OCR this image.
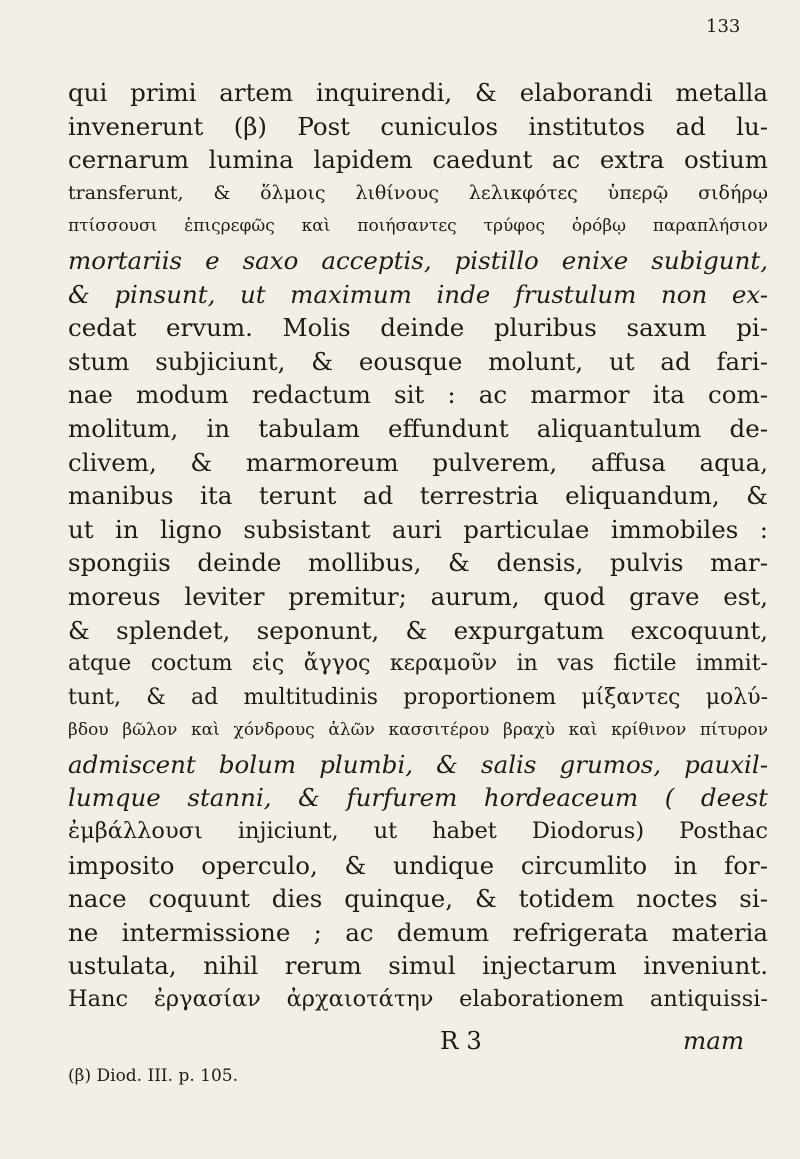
133
qui primi artem inquirendi, & elaborandi metalla
invenerunt (β) Post cuniculos institutos ad lu-
cernarum lumina lapidem caedunt ac extra ostium
transferunt, & ὅλμοις λιθίνους λελικφότες ὑπερῷ σιδήρῳ
πτίσσουσι ἐπιςρεφῶς καὶ ποιήσαντες τρύφος ὀρόβῳ παραπλήσιον
mortariis e saxo acceptis, pistillo enixe subigunt,
& pinsunt, ut maximum inde frustulum non ex-
cedat ervum. Molis deinde pluribus saxum pi-
stum subjiciunt, & eousque molunt, ut ad fari-
nae modum redactum sit : ac marmor ita com-
molitum, in tabulam effundunt aliquantulum de-
clivem, & marmoreum pulverem, affusa aqua,
manibus ita terunt ad terrestria eliquandum, &
ut in ligno subsistant auri particulae immobiles :
spongiis deinde mollibus, & densis, pulvis mar-
moreus leviter premitur; aurum, quod grave est,
& splendet, seponunt, & expurgatum excoquunt,
atque coctum εἰς ἄγγος κεραμοῦν in vas fictile immit-
tunt, & ad multitudinis proportionem μίξαντες μολύ-
βδου βῶλον καὶ χόνδρους ἁλῶν κασσιτέρου βραχὺ καὶ κρίθινον πίτυρον
admiscent bolum plumbi, & salis grumos, pauxil-
lumque stanni, & furfurem hordeaceum ( deest
ἐμβάλλουσι injiciunt, ut habet Diodorus) Posthac
imposito operculo, & undique circumlito in for-
nace coquunt dies quinque, & totidem noctes si-
ne intermissione ; ac demum refrigerata materia
ustulata, nihil rerum simul injectarum inveniunt.
Hanc ἐργασίαν ἀρχαιοτάτην elaborationem antiquissi-
R 3	mam
(β) Diod. III. p. 105.
